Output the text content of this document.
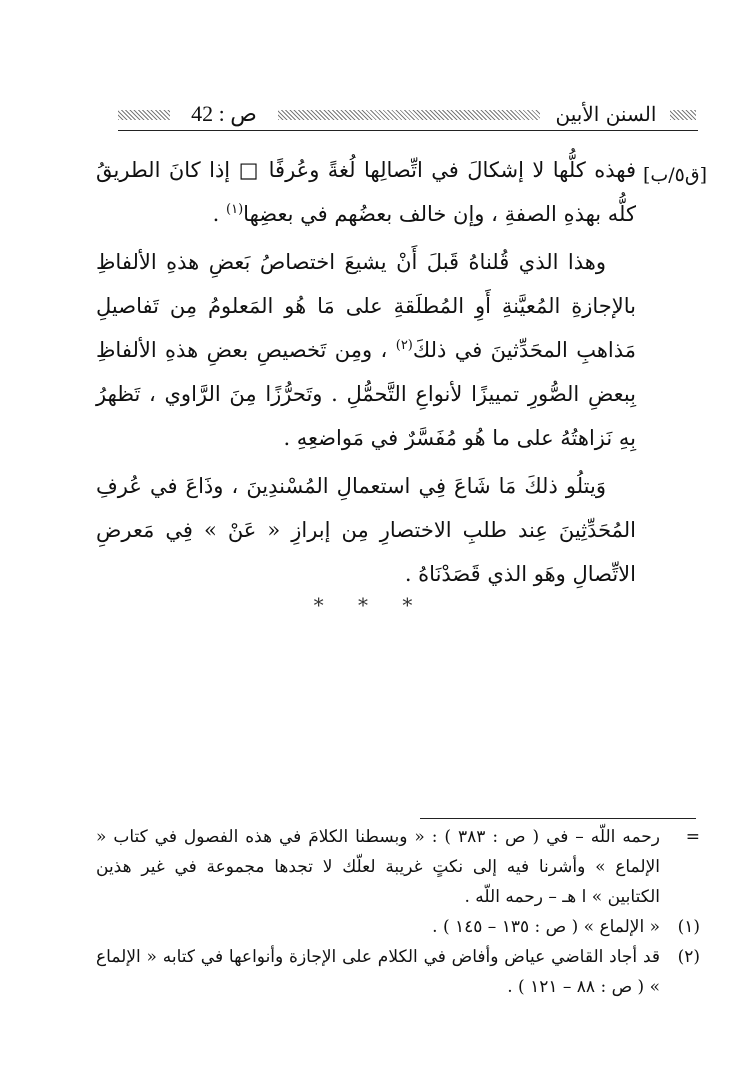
ص : 42	السنن الأبين
[ق٥/ب]

فهذه كلُّها لا إشكالَ في اتِّصالِها لُغةً وعُرفًا □ إذا كانَ الطريقُ كلُّه بهذهِ الصفةِ ، وإن خالف بعضُهم في بعضِها$^{(١)}$ .

وهذا الذي قُلناهُ قَبلَ أَنْ يشيعَ اختصاصُ بَعضِ هذهِ الألفاظِ بالإجازةِ المُعيَّنةِ أَوِ المُطلَقةِ على مَا هُو المَعلومُ مِن تَفاصيلِ مَذاهبِ المحَدِّثينَ في ذلكَ$^{(٢)}$ ، ومِن تَخصيصِ بعضِ هذهِ الألفاظِ بِبعضِ الصُّورِ تمييزًا لأنواعِ التَّحمُّلِ . وتَحرُّزًا مِنَ الرَّاوي ، تَظهرُ بِهِ نَزاهتُهُ على ما هُو مُفَسَّرٌ في مَواضعِهِ .

وَيتلُو ذلكَ مَا شَاعَ فِي استعمالِ المُسْندِينَ ، وذَاعَ في عُرفِ المُحَدِّثِينَ عِند طلبِ الاختصارِ مِن إبرازِ « عَنْ » فِي مَعرضِ الاتِّصالِ وهَو الذي قَصَدْنَاهُ .

* * *
=
رحمه اللّه – في ( ص : ٣٨٣ ) : « وبسطنا الكلامَ في هذه الفصول في كتاب « الإلماع » وأشرنا فيه إلى نكتٍ غريبة لعلّك لا تجدها مجموعة في غير هذين الكتابين » ا هـ – رحمه اللّه .
(١)
« الإلماع » ( ص : ١٣٥ – ١٤٥ ) .
(٢)
قد أجاد القاضي عياض وأفاض في الكلام على الإجازة وأنواعها في كتابه « الإلماع » ( ص : ٨٨ – ١٢١ ) .
